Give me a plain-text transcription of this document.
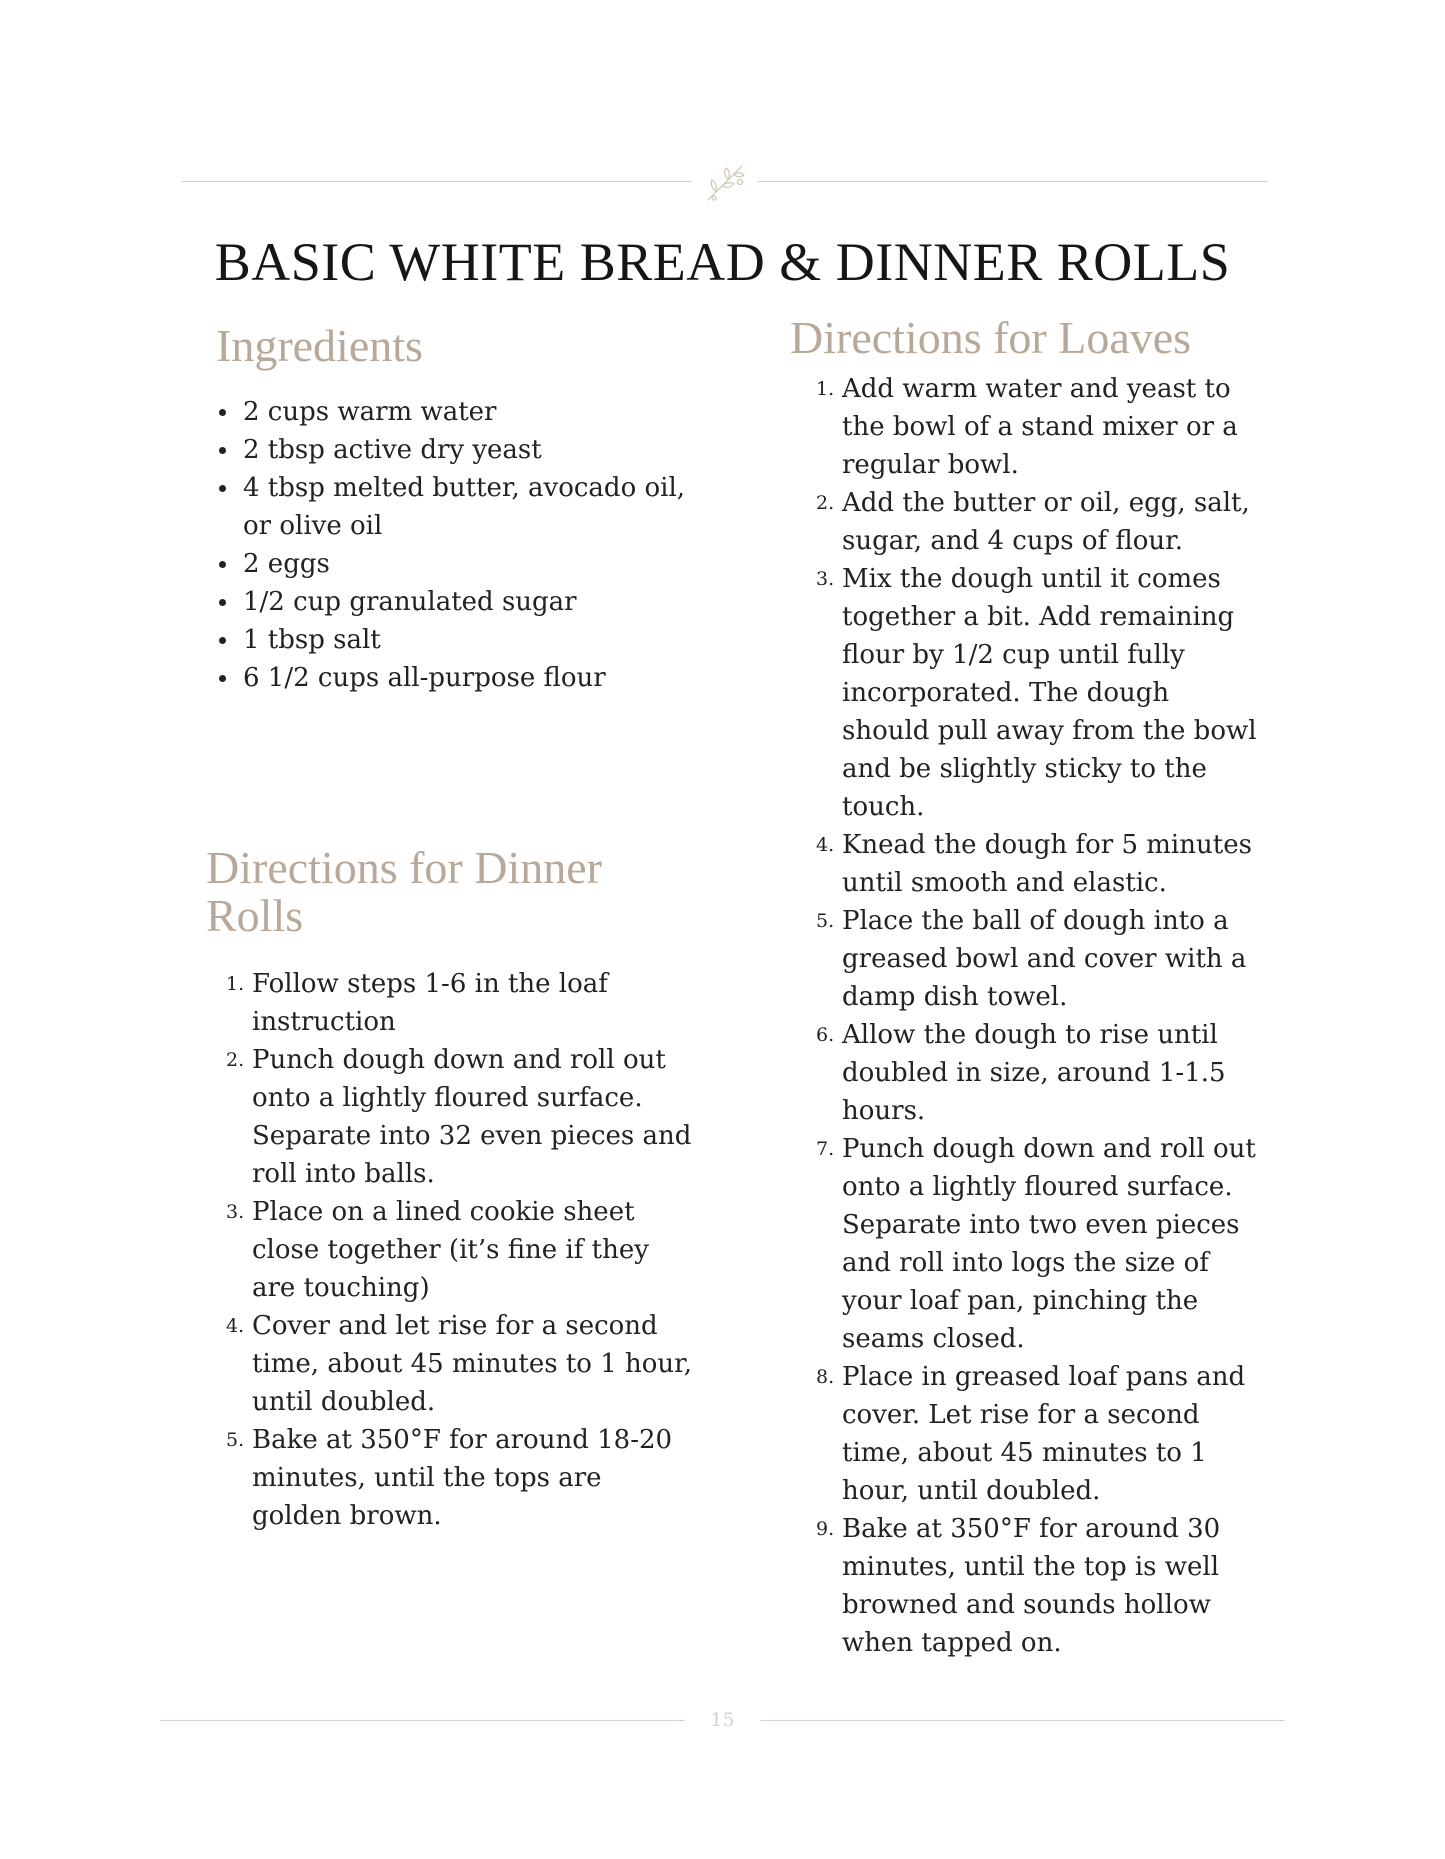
BASIC WHITE BREAD & DINNER ROLLS
Ingredients
2 cups warm water
2 tbsp active dry yeast
4 tbsp melted butter, avocado oil, or olive oil
2 eggs
1/2 cup granulated sugar
1 tbsp salt
6 1/2 cups all-purpose flour
Directions for Dinner Rolls
1. Follow steps 1-6 in the loaf instruction
2. Punch dough down and roll out onto a lightly floured surface. Separate into 32 even pieces and roll into balls.
3. Place on a lined cookie sheet close together (it’s fine if they are touching)
4. Cover and let rise for a second time, about 45 minutes to 1 hour, until doubled.
5. Bake at 350°F for around 18-20 minutes, until the tops are golden brown.
Directions for Loaves
1. Add warm water and yeast to the bowl of a stand mixer or a regular bowl.
2. Add the butter or oil, egg, salt, sugar, and 4 cups of flour.
3. Mix the dough until it comes together a bit. Add remaining flour by 1/2 cup until fully incorporated. The dough should pull away from the bowl and be slightly sticky to the touch.
4. Knead the dough for 5 minutes until smooth and elastic.
5. Place the ball of dough into a greased bowl and cover with a damp dish towel.
6. Allow the dough to rise until doubled in size, around 1-1.5 hours.
7. Punch dough down and roll out onto a lightly floured surface. Separate into two even pieces and roll into logs the size of your loaf pan, pinching the seams closed.
8. Place in greased loaf pans and cover. Let rise for a second time, about 45 minutes to 1 hour, until doubled.
9. Bake at 350°F for around 30 minutes, until the top is well browned and sounds hollow when tapped on.
15
